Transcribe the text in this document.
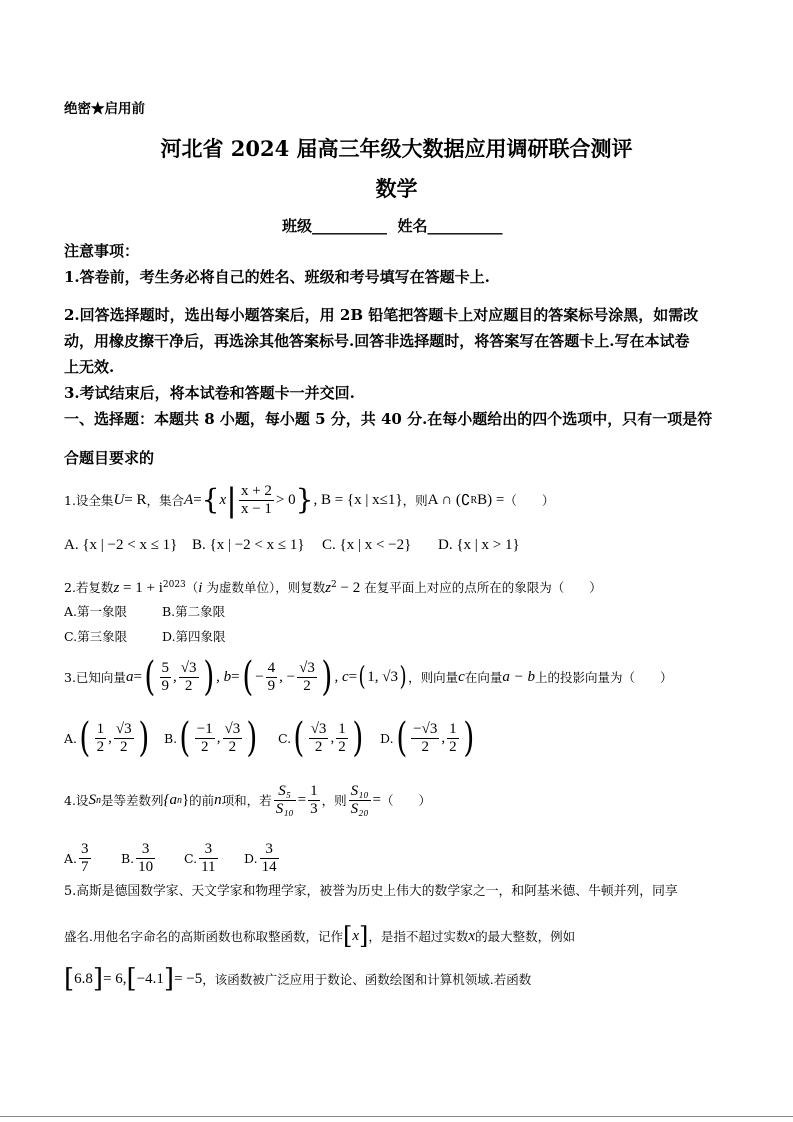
绝密★启用前
河北省 2024 届高三年级大数据应用调研联合测评
数学
班级__________ 姓名__________
注意事项：
1.答卷前，考生务必将自己的姓名、班级和考号填写在答题卡上.
2.回答选择题时，选出每小题答案后，用 2B 铅笔把答题卡上对应题目的答案标号涂黑，如需改
动，用橡皮擦干净后，再选涂其他答案标号.回答非选择题时，将答案写在答题卡上.写在本试卷
上无效.
3.考试结束后，将本试卷和答题卡一并交回.
一、选择题：本题共 8 小题，每小题 5 分，共 40 分.在每小题给出的四个选项中，只有一项是符
合题目要求的
1.设全集 U = R ，集合 A = { x | $\frac{x + 2}{x - 1} > 0$ } , B = {x | x ≤ 1} ，则 A ∩ ( ∁ R B) = （　　）
A. {x | −2 < x ≤ 1} B. {x | −2 < x ≤ 1} C. {x | x < −2} D. {x | x > 1}
2.若复数$z = 1 + i^{2023}(i$ 为虚数单位），则复数$z^2 - 2$ 在复平面上对应的点所在的象限为（　　）
A.第一象限	B.第二象限
C.第三象限	D.第四象限
3.已知向量 a = ( $\frac{5}{9}$ , $\frac{√3}{2}$ ) , b = ( − $\frac{4}{9}$ , − $\frac{√3}{2}$ ) , c = ( 1, √3 ) ，则向量 c 在向量 a − b 上的投影向量为（　　）
A. ( $\frac{1}{2}$ , $\frac{√3}{2}$ ) B. ( $\frac{-1}{2}$ , $\frac{√3}{2}$ ) C. ( $\frac{√3}{2}$ , $\frac{1}{2}$ ) D. ( $\frac{-√3}{2}$ , $\frac{1}{2}$ )
4.设 S n 是等差数列 {a n } 的前 n 项和，若 $\frac{\text{S₅}}{\text{S₁₀}} = \frac{1}{3}$ ，则 $\frac{\text{S₁₀}}{\text{S₂₀}}$ = （　　）
A. $\frac{3}{7} B$. $\frac{3}{10} C$. $\frac{3}{11} D$. $\frac{3}{14}$
5.高斯是德国数学家、天文学家和物理学家，被誉为历史上伟大的数学家之一，和阿基米德、牛顿并列，同享
盛名.用他名字命名的高斯函数也称取整函数，记作 [ x ] ，是指不超过实数 x 的最大整数，例如
[ 6.8 ] = 6, [ −4.1 ] = −5 ，该函数被广泛应用于数论、函数绘图和计算机领域.若函数
